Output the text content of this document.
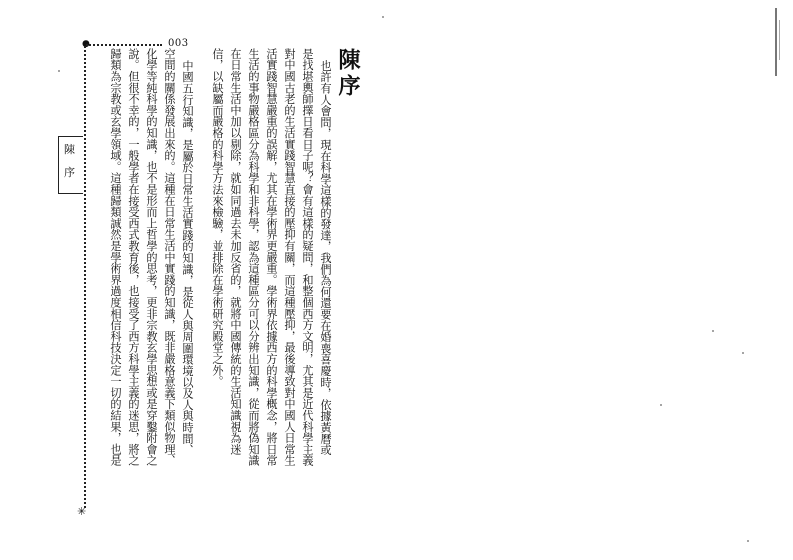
●	003
✳
陳
序
陳序
也許有人會問，現在科學這樣的發達，我們為何還要在婚喪喜慶時，依據黃曆或
是找堪輿師擇日看日子呢？會有這樣的疑問，和整個西方文明，尤其是近代科學主義
對中國古老的生活實踐智慧直接的壓抑有關，而這種壓抑，最後導致對中國人日常生
活實踐智慧嚴重的誤解，尤其在學術界更嚴重。學術界依據西方的科學概念，將日常
生活的事物嚴格區分為科學和非科學，認為這種區分可以分辨出知識，從而將偽知識
在日常生活中加以剔除，就如同過去未加反省的，就將中國傳統的生活知識視為迷
信，以缺屬而嚴格的科學方法來檢驗，並排除在學術研究殿堂之外。
中國五行知識，是屬於日常生活實踐的知識，是從人與周圍環境以及人與時間、
空間的關係發展出來的。這種在日常生活中實踐的知識，既非嚴格意義下類似物理、
化學等純科學的知識，也不是形而上哲學的思考，更非宗教玄學思想或是穿鑿附會之
說。但很不幸的，一般學者在接受西式教育後，也接受了西方科學主義的迷思，將之
歸類為宗教或玄學領域。這種歸類誠然是學術界過度相信科技決定一切的結果，也是
